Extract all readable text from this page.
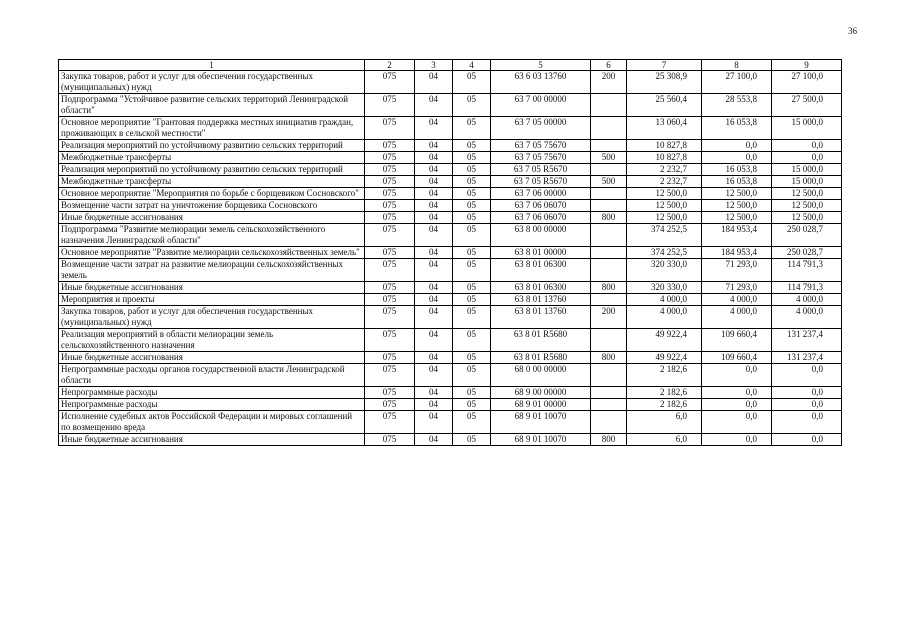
36
1	2	3	4	5	6	7	8	9
Закупка товаров, работ и услуг для обеспечения государственных (муниципальных) нужд	075	04	05	63 6 03 13760	200	25 308,9	27 100,0	27 100,0
Подпрограмма "Устойчивое развитие сельских территорий Ленинградской области"	075	04	05	63 7 00 00000		25 560,4	28 553,8	27 500,0
Основное мероприятие "Грантовая поддержка местных инициатив граждан, проживающих в сельской местности"	075	04	05	63 7 05 00000		13 060,4	16 053,8	15 000,0
Реализация мероприятий по устойчивому развитию сельских территорий	075	04	05	63 7 05 75670		10 827,8	0,0	0,0
Межбюджетные трансферты	075	04	05	63 7 05 75670	500	10 827,8	0,0	0,0
Реализация мероприятий по устойчивому развитию сельских территорий	075	04	05	63 7 05 R5670		2 232,7	16 053,8	15 000,0
Межбюджетные трансферты	075	04	05	63 7 05 R5670	500	2 232,7	16 053,8	15 000,0
Основное мероприятие "Мероприятия по борьбе с борщевиком Сосновского"	075	04	05	63 7 06 00000		12 500,0	12 500,0	12 500,0
Возмещение части затрат на уничтожение борщевика Сосновского	075	04	05	63 7 06 06070		12 500,0	12 500,0	12 500,0
Иные бюджетные ассигнования	075	04	05	63 7 06 06070	800	12 500,0	12 500,0	12 500,0
Подпрограмма "Развитие мелиорации земель сельскохозяйственного назначения Ленинградской области"	075	04	05	63 8 00 00000		374 252,5	184 953,4	250 028,7
Основное мероприятие "Развитие мелиорации сельскохозяйственных земель"	075	04	05	63 8 01 00000		374 252,5	184 953,4	250 028,7
Возмещение части затрат на развитие мелиорации сельскохозяйственных земель	075	04	05	63 8 01 06300		320 330,0	71 293,0	114 791,3
Иные бюджетные ассигнования	075	04	05	63 8 01 06300	800	320 330,0	71 293,0	114 791,3
Мероприятия и проекты	075	04	05	63 8 01 13760		4 000,0	4 000,0	4 000,0
Закупка товаров, работ и услуг для обеспечения государственных (муниципальных) нужд	075	04	05	63 8 01 13760	200	4 000,0	4 000,0	4 000,0
Реализация мероприятий в области мелиорации земель сельскохозяйственного назначения	075	04	05	63 8 01 R5680		49 922,4	109 660,4	131 237,4
Иные бюджетные ассигнования	075	04	05	63 8 01 R5680	800	49 922,4	109 660,4	131 237,4
Непрограммные расходы органов государственной власти Ленинградской области	075	04	05	68 0 00 00000		2 182,6	0,0	0,0
Непрограммные расходы	075	04	05	68 9 00 00000		2 182,6	0,0	0,0
Непрограммные расходы	075	04	05	68 9 01 00000		2 182,6	0,0	0,0
Исполнение судебных актов Российской Федерации и мировых соглашений по возмещению вреда	075	04	05	68 9 01 10070		6,0	0,0	0,0
Иные бюджетные ассигнования	075	04	05	68 9 01 10070	800	6,0	0,0	0,0
